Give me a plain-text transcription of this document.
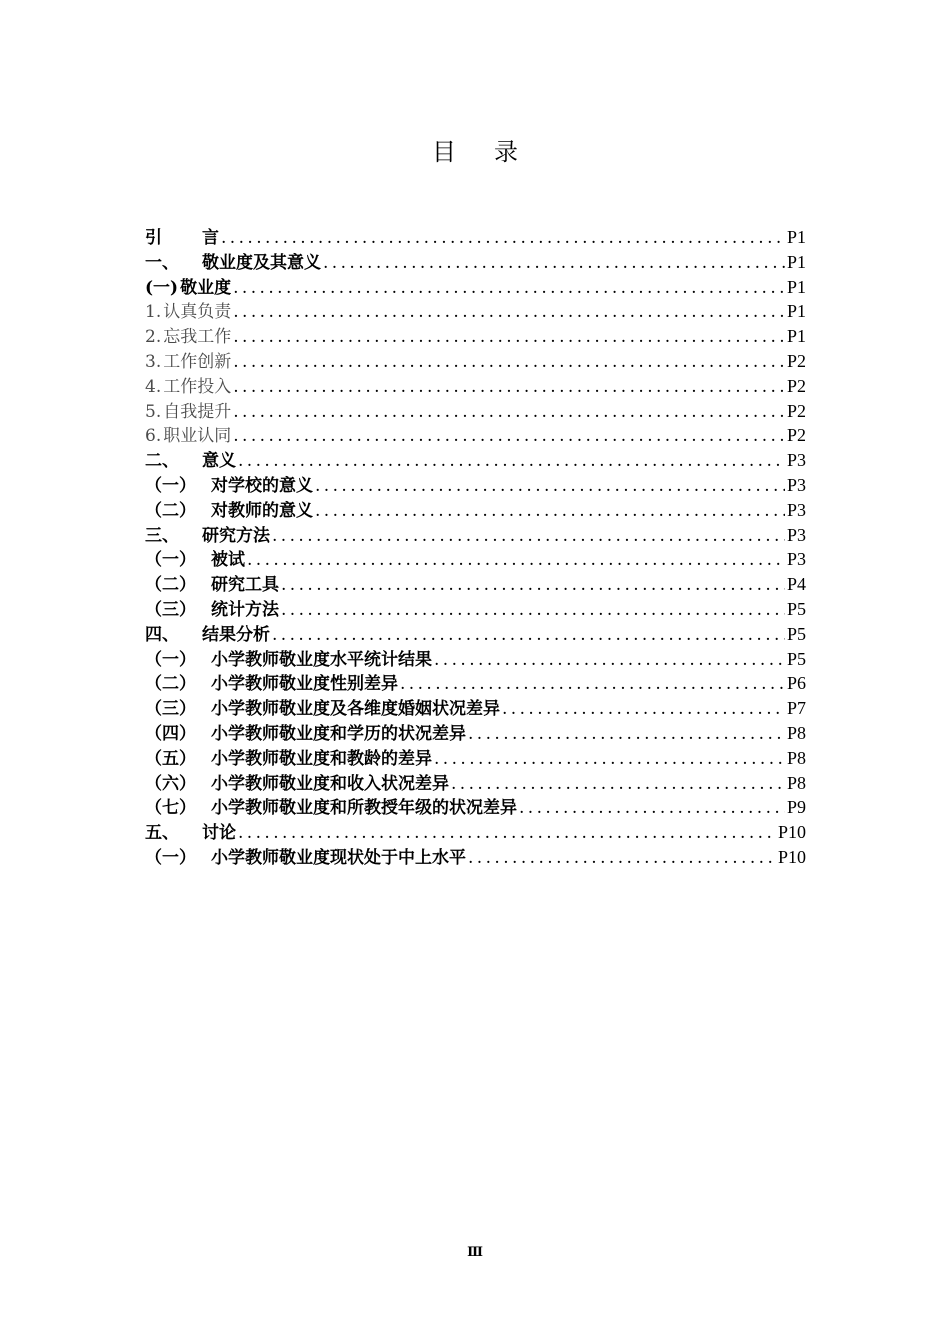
目录
引	言 . . .	P1
一、	敬业度及其意义 . . .	P1
(一) 敬业度 . . .	P1
1. 认真负责 . . .	P1
2. 忘我工作 . . .	P1
3. 工作创新 . . .	P2
4. 工作投入 . . .	P2
5. 自我提升 . . .	P2
6. 职业认同 . . .	P2
二、	意义 . . .	P3
（一） 对学校的意义 . . .	P3
（二） 对教师的意义 . . .	P3
三、	研究方法 . . .	P3
（一） 被试 . . .	P3
（二） 研究工具 . . .	P4
（三） 统计方法 . . .	P5
四、	结果分析 . . .	P5
（一） 小学教师敬业度水平统计结果 . . .	P5
（二） 小学教师敬业度性别差异 . . .	P6
（三） 小学教师敬业度及各维度婚姻状况差异 . . .	P7
（四） 小学教师敬业度和学历的状况差异 . . .	P8
（五） 小学教师敬业度和教龄的差异 . . .	P8
（六） 小学教师敬业度和收入状况差异 . . .	P8
（七） 小学教师敬业度和所教授年级的状况差异 . . .	P9
五、	讨论 . . .	P10
（一） 小学教师敬业度现状处于中上水平 . . .	P10
Ⅲ
